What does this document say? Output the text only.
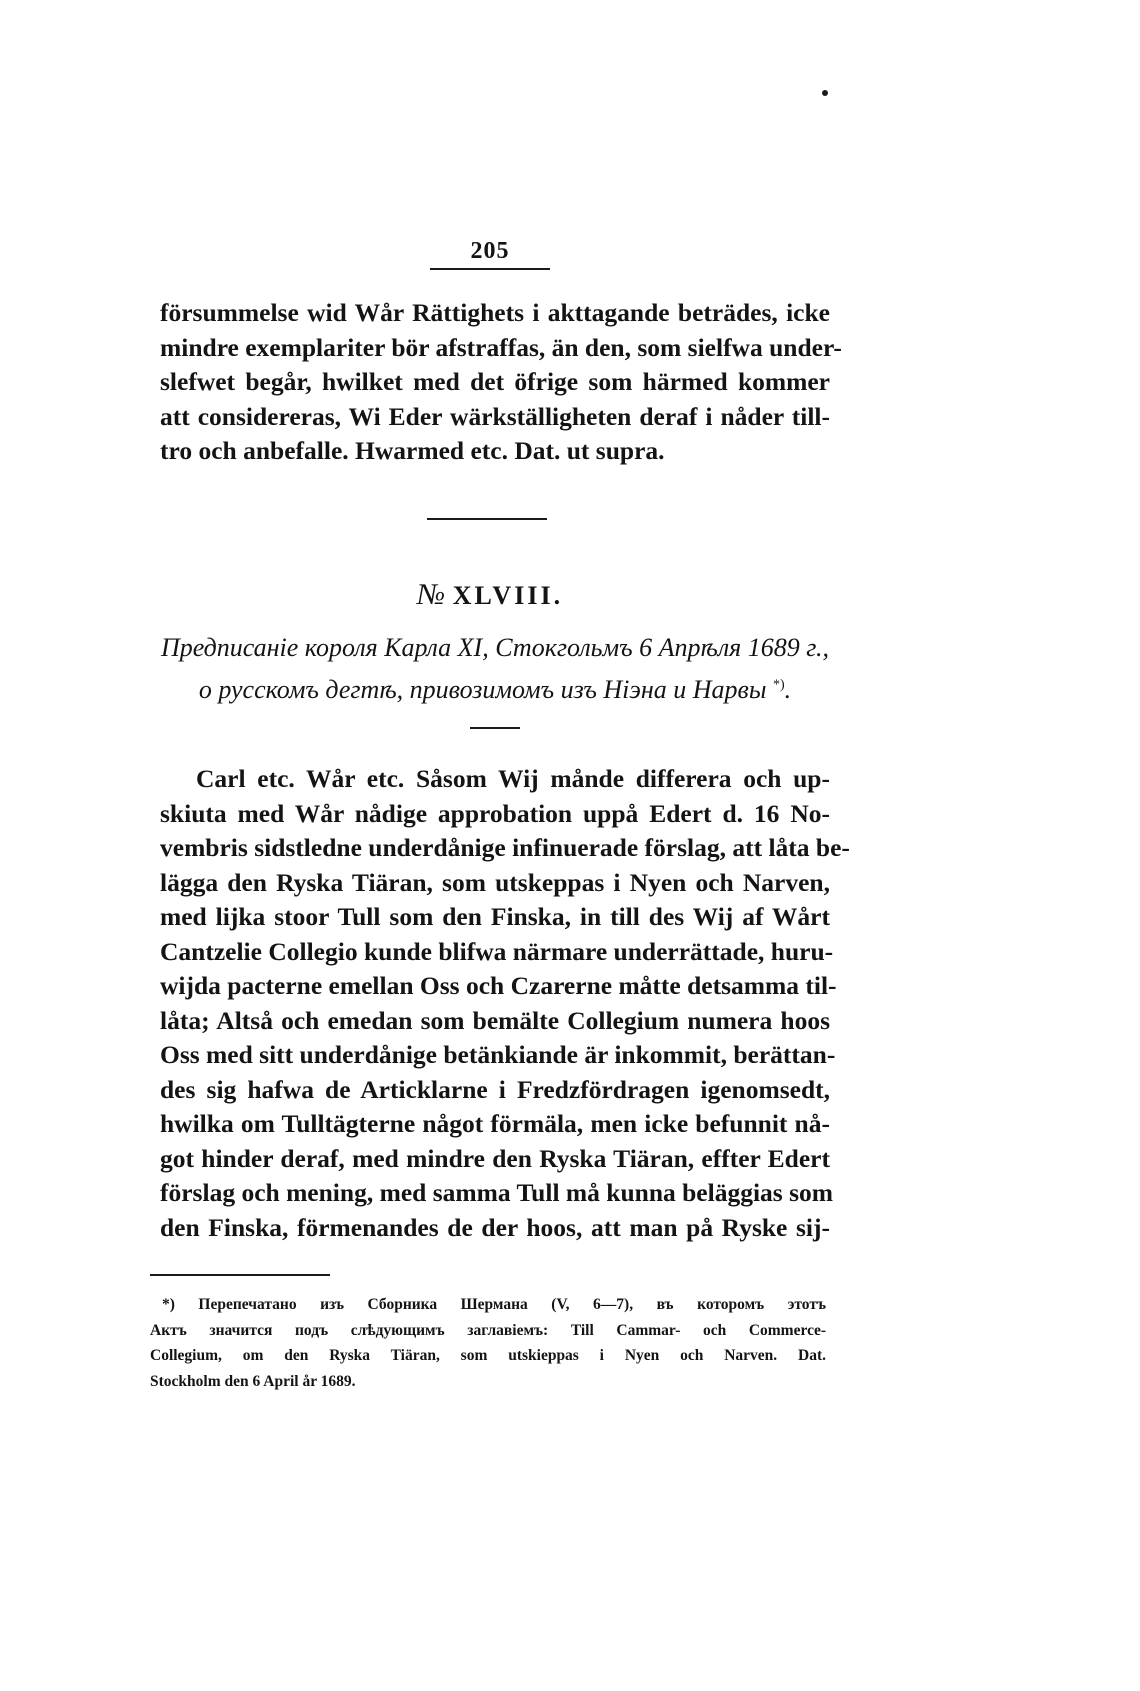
205
försummelse wid Wår Rättighets i akttagande beträdes, icke
mindre exemplariter bör afstraffas, än den, som sielfwa under-
slefwet begår, hwilket med det öfrige som härmed kommer
att considereras, Wi Eder wärkställigheten deraf i nåder till-
tro och anbefalle. Hwarmed etc. Dat. ut supra.
№ XLVIII.
Предписанie короля Карла XI, Стокгольмъ 6 Апрѣля 1689 г.,
о русскомъ дегтѣ, привозимомъ изъ Нiэна и Нарвы *).
Carl etc. Wår etc. Såsom Wij månde differera och up-
skiuta med Wår nådige approbation uppå Edert d. 16 No-
vembris sidstledne underdånige infinuerade förslag, att låta be-
lägga den Ryska Tiäran, som utskeppas i Nyen och Narven,
med lijka stoor Tull som den Finska, in till des Wij af Wårt
Cantzelie Collegio kunde blifwa närmare underrättade, huru-
wijda pacterne emellan Oss och Czarerne måtte detsamma til-
låta; Altså och emedan som bemälte Collegium numera hoos
Oss med sitt underdånige betänkiande är inkommit, berättan-
des sig hafwa de Articklarne i Fredzfördragen igenomsedt,
hwilka om Tulltägterne något förmäla, men icke befunnit nå-
got hinder deraf, med mindre den Ryska Tiäran, effter Edert
förslag och mening, med samma Tull må kunna beläggias som
den Finska, förmenandes de der hoos, att man på Ryske sij-
*) Перепечатано изъ Сборника Шерманa (V, 6—7), въ которомъ этотъ
Актъ значится подъ слѣдующимъ заглавiемъ: Till Cammar- och Commerce-
Collegium, om den Ryska Tiäran, som utskieppas i Nyen och Narven. Dat.
Stockholm den 6 April år 1689.
